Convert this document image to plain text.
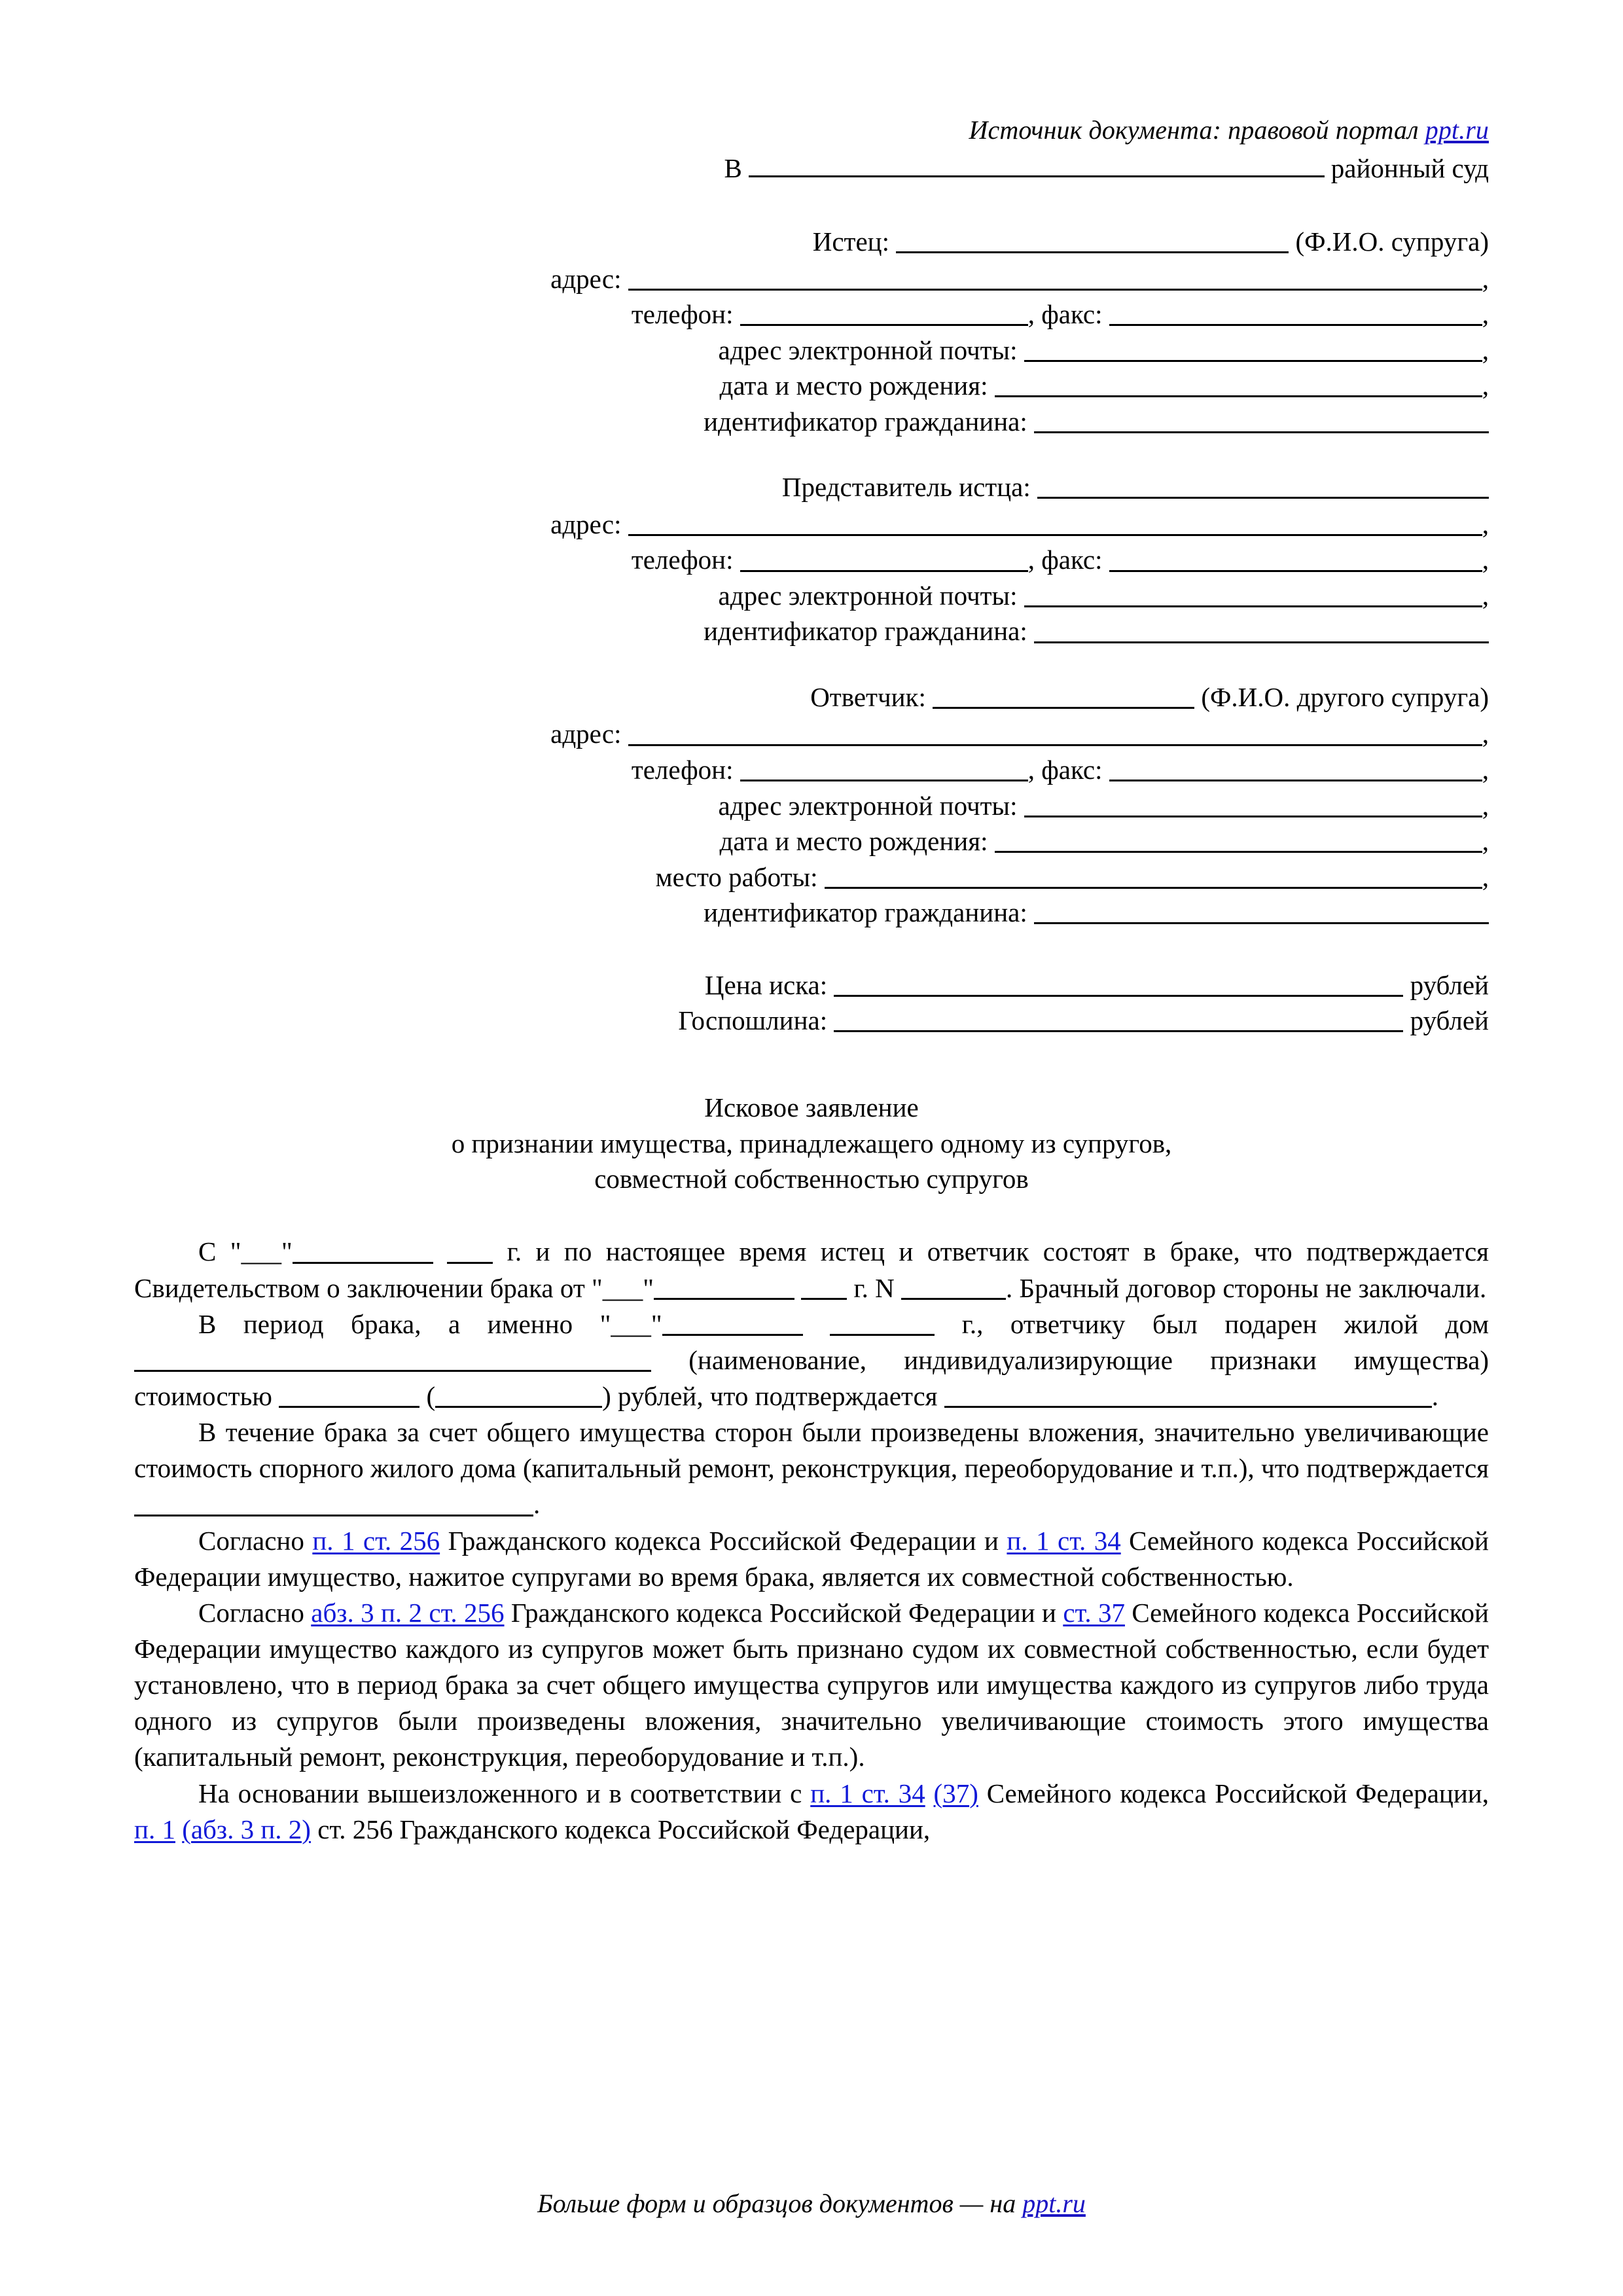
Источник документа: правовой портал ppt.ru
В	районный суд
Истец:	(Ф.И.О. супруга)
адрес:	,
телефон:	, факс:	,
адрес электронной почты:	,
дата и место рождения:	,
идентификатор гражданина:
Представитель истца:
адрес:	,
телефон:	, факс:	,
адрес электронной почты:	,
идентификатор гражданина:
Ответчик:	(Ф.И.О. другого супруга)
адрес:	,
телефон:	, факс:	,
адрес электронной почты:	,
дата и место рождения:	,
место работы:	,
идентификатор гражданина:
Цена иска:	рублей
Госпошлина:	рублей
Исковое заявление
о признании имущества, принадлежащего одному из супругов,
совместной собственностью супругов

С "___"	г. и по настоящее время истец и ответчик состоят в браке, что подтверждается Свидетельством о заключении брака от "___"	г. N	. Брачный договор стороны не заключали.

В период брака, а именно "___"	г., ответчику был подарен жилой дом  (наименование, индивидуализирующие признаки имущества) стоимостью	(	) рублей, что подтверждается	.

В течение брака за счет общего имущества сторон были произведены вложения, значительно увеличивающие стоимость спорного жилого дома (капитальный ремонт, реконструкция, переоборудование и т.п.), что подтверждается .

Согласно п. 1 ст. 256 Гражданского кодекса Российской Федерации и п. 1 ст. 34 Семейного кодекса Российской Федерации имущество, нажитое супругами во время брака, является их совместной собственностью.

Согласно абз. 3 п. 2 ст. 256 Гражданского кодекса Российской Федерации и ст. 37 Семейного кодекса Российской Федерации имущество каждого из супругов может быть признано судом их совместной собственностью, если будет установлено, что в период брака за счет общего имущества супругов или имущества каждого из супругов либо труда одного из супругов были произведены вложения, значительно увеличивающие стоимость этого имущества (капитальный ремонт, реконструкция, переоборудование и т.п.).

На основании вышеизложенного и в соответствии с п. 1 ст. 34 (37) Семейного кодекса Российской Федерации, п. 1 (абз. 3 п. 2) ст. 256 Гражданского кодекса Российской Федерации,

Больше форм и образцов документов — на ppt.ru
